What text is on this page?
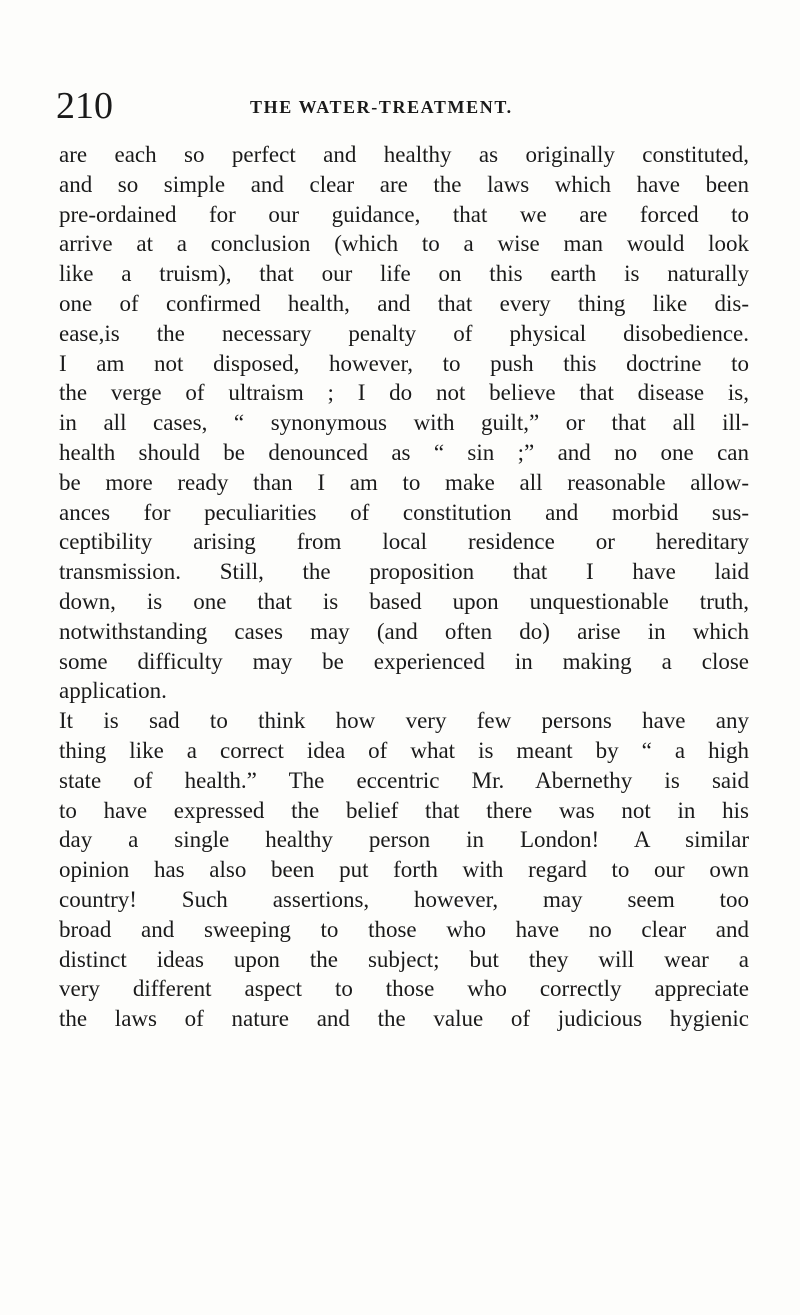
210	THE WATER-TREATMENT.
are each so perfect and healthy as originally constituted,
and so simple and clear are the laws which have been
pre-ordained for our guidance, that we are forced to
arrive at a conclusion (which to a wise man would look
like a truism), that our life on this earth is naturally
one of confirmed health, and that every thing like dis-
ease,is the necessary penalty of physical disobedience.
I am not disposed, however, to push this doctrine to
the verge of ultraism ; I do not believe that disease is,
in all cases, “ synonymous with guilt,” or that all ill-
health should be denounced as “ sin ;” and no one can
be more ready than I am to make all reasonable allow-
ances for peculiarities of constitution and morbid sus-
ceptibility arising from local residence or hereditary
transmission. Still, the proposition that I have laid
down, is one that is based upon unquestionable truth,
notwithstanding cases may (and often do) arise in which
some difficulty may be experienced in making a close
application.
It is sad to think how very few persons have any
thing like a correct idea of what is meant by “ a high
state of health.” The eccentric Mr. Abernethy is said
to have expressed the belief that there was not in his
day a single healthy person in London! A similar
opinion has also been put forth with regard to our own
country! Such assertions, however, may seem too
broad and sweeping to those who have no clear and
distinct ideas upon the subject; but they will wear a
very different aspect to those who correctly appreciate
the laws of nature and the value of judicious hygienic
